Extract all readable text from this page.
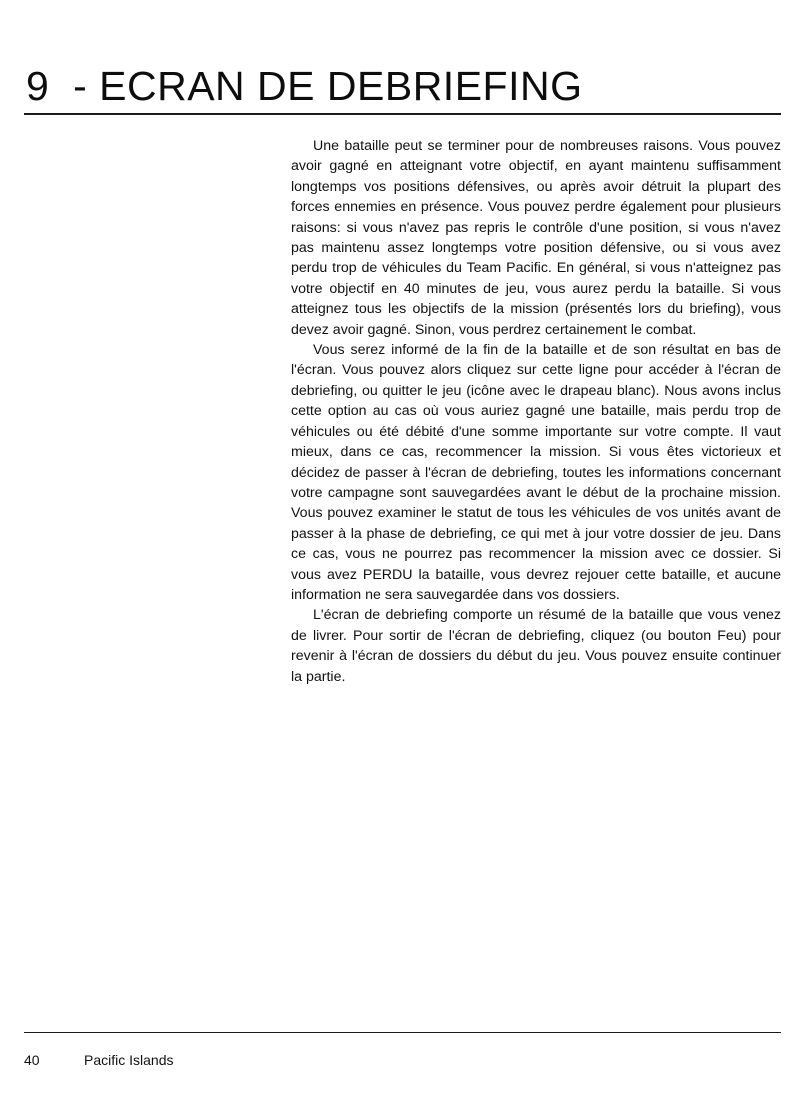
9  - ECRAN DE DEBRIEFING

Une bataille peut se terminer pour de nombreuses raisons. Vous pouvez avoir gagné en atteignant votre objectif, en ayant maintenu suffisamment longtemps vos positions défensives, ou après avoir détruit la plupart des forces ennemies en présence. Vous pouvez perdre également pour plusieurs raisons: si vous n'avez pas repris le contrôle d'une position, si vous n'avez pas maintenu assez longtemps votre position défensive, ou si vous avez perdu trop de véhicules du Team Pacific. En général, si vous n'atteignez pas votre objectif en 40 minutes de jeu, vous aurez perdu la bataille. Si vous atteignez tous les objectifs de la mission (présentés lors du briefing), vous devez avoir gagné. Sinon, vous perdrez certainement le combat.

Vous serez informé de la fin de la bataille et de son résultat en bas de l'écran. Vous pouvez alors cliquez sur cette ligne pour accéder à l'écran de debriefing, ou quitter le jeu (icône avec le drapeau blanc). Nous avons inclus cette option au cas où vous auriez gagné une bataille, mais perdu trop de véhicules ou été débité d'une somme importante sur votre compte. Il vaut mieux, dans ce cas, recommencer la mission. Si vous êtes victorieux et décidez de passer à l'écran de debriefing, toutes les informations concernant votre campagne sont sauvegardées avant le début de la prochaine mission. Vous pouvez examiner le statut de tous les véhicules de vos unités avant de passer à la phase de debriefing, ce qui met à jour votre dossier de jeu. Dans ce cas, vous ne pourrez pas recommencer la mission avec ce dossier. Si vous avez PERDU la bataille, vous devrez rejouer cette bataille, et aucune information ne sera sauvegardée dans vos dossiers.

L'écran de debriefing comporte un résumé de la bataille que vous venez de livrer. Pour sortir de l'écran de debriefing, cliquez (ou bouton Feu) pour revenir à l'écran de dossiers du début du jeu. Vous pouvez ensuite continuer la partie.

40	Pacific Islands
